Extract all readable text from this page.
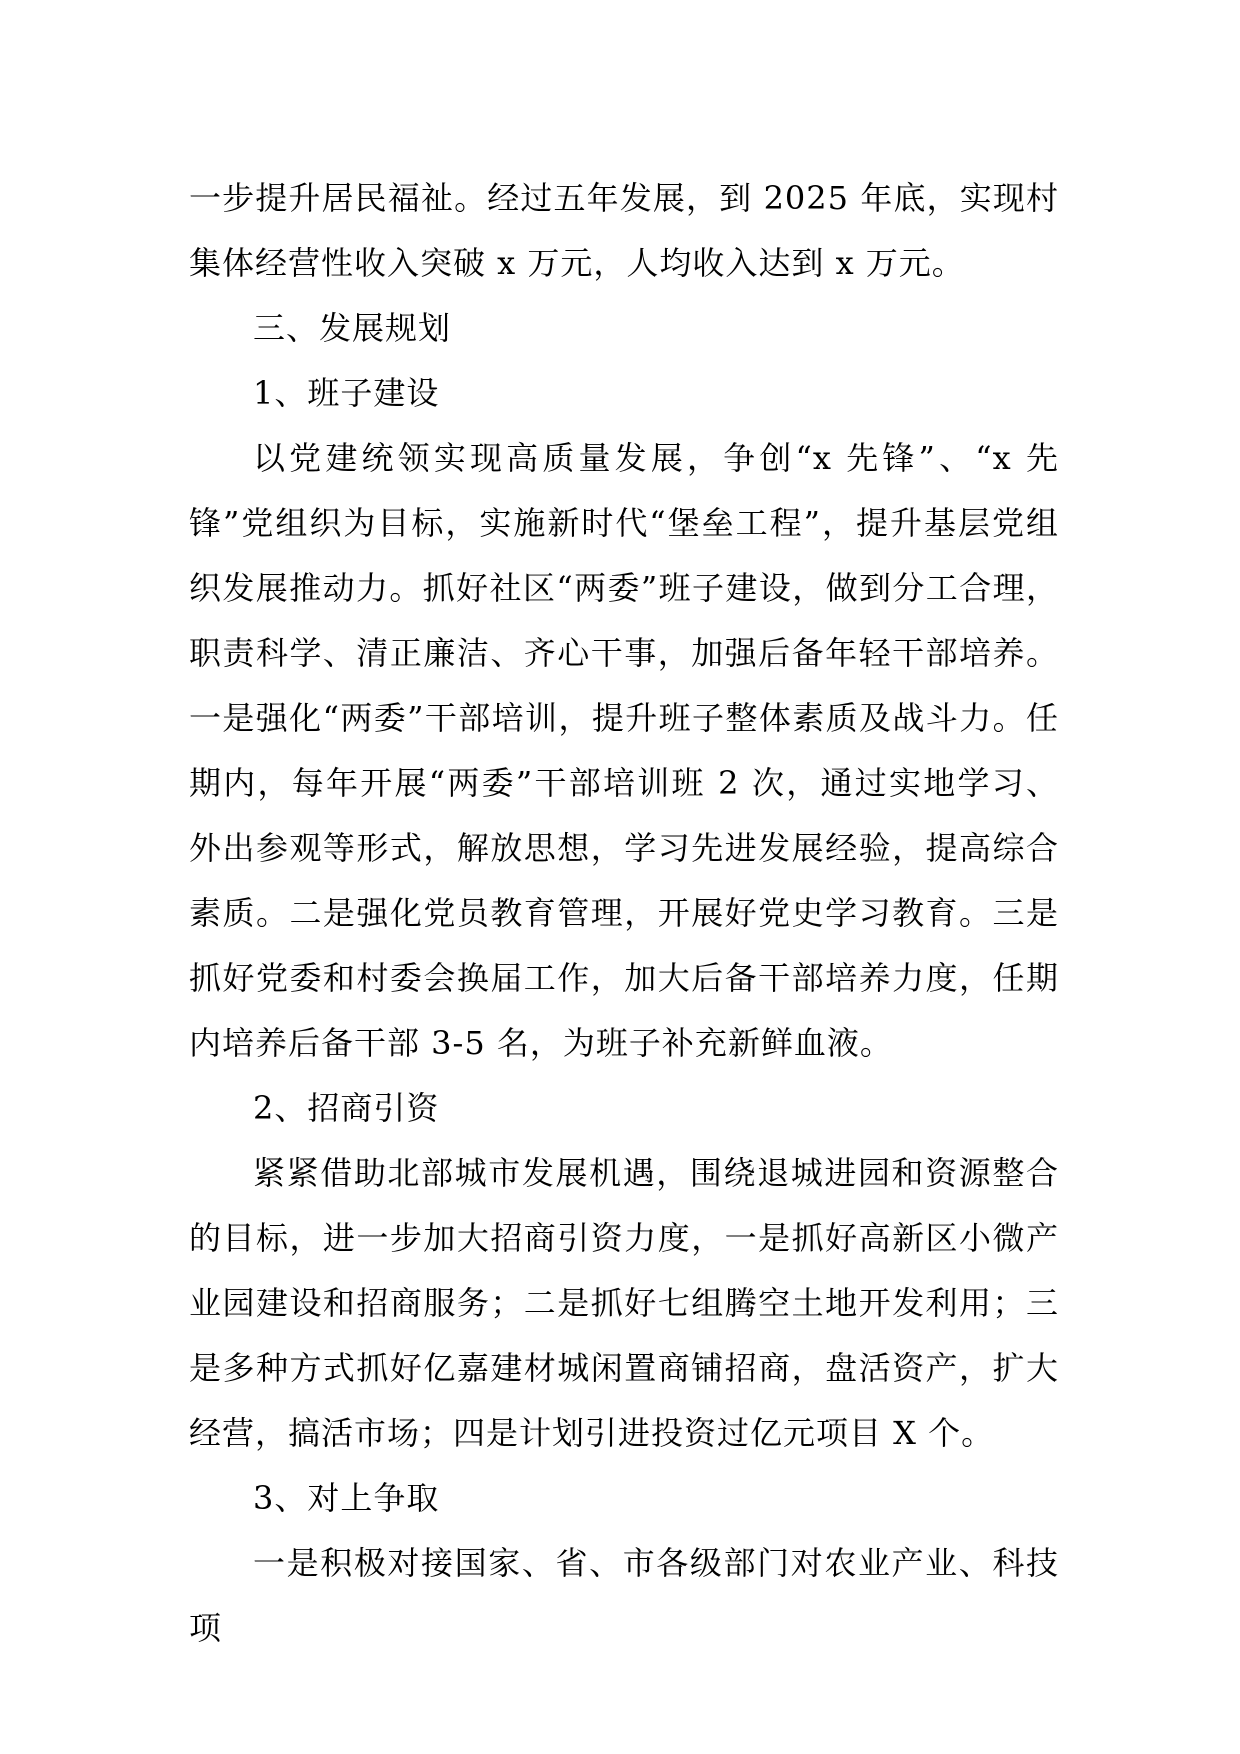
一步提升居民福祉。经过五年发展，到 2025 年底，实现村集体经营性收入突破 x 万元，人均收入达到 x 万元。

三、发展规划

1、班子建设

以党建统领实现高质量发展，争创“x 先锋”、“x 先锋”党组织为目标，实施新时代“堡垒工程”，提升基层党组织发展推动力。抓好社区“两委”班子建设，做到分工合理，职责科学、清正廉洁、齐心干事，加强后备年轻干部培养。一是强化“两委”干部培训，提升班子整体素质及战斗力。任期内，每年开展“两委”干部培训班 2 次，通过实地学习、外出参观等形式，解放思想，学习先进发展经验，提高综合素质。二是强化党员教育管理，开展好党史学习教育。三是抓好党委和村委会换届工作，加大后备干部培养力度，任期内培养后备干部 3-5 名，为班子补充新鲜血液。

2、招商引资

紧紧借助北部城市发展机遇，围绕退城进园和资源整合的目标，进一步加大招商引资力度，一是抓好高新区小微产业园建设和招商服务；二是抓好七组腾空土地开发利用；三是多种方式抓好亿嘉建材城闲置商铺招商，盘活资产，扩大经营，搞活市场；四是计划引进投资过亿元项目 X 个。

3、对上争取

一是积极对接国家、省、市各级部门对农业产业、科技项
